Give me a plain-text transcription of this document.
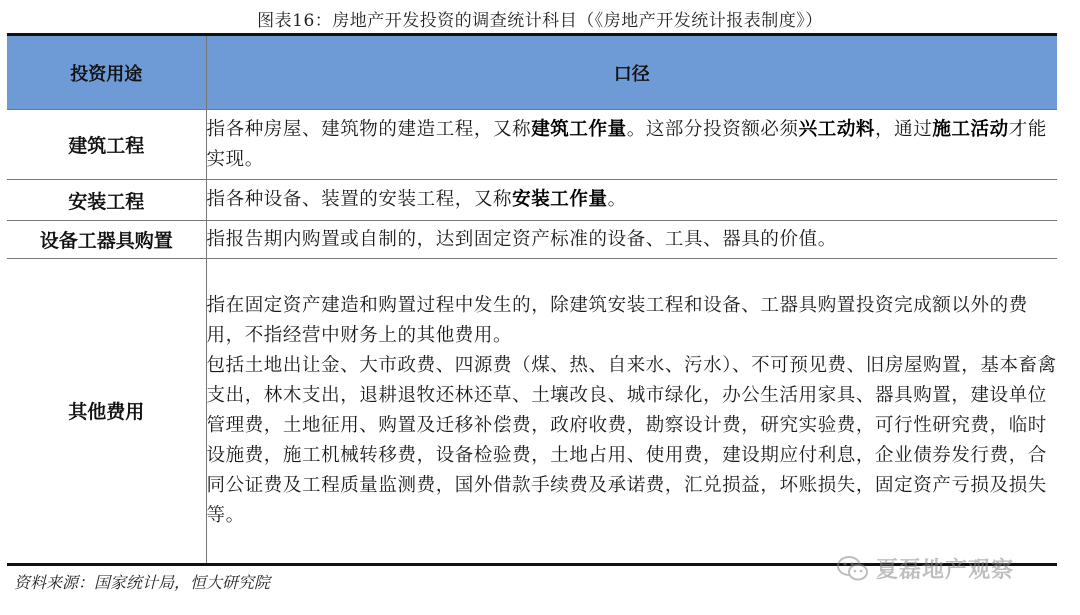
图表16：房地产开发投资的调查统计科目（《房地产开发统计报表制度》）
投资用途	口径
建筑工程	指各种房屋、建筑物的建造工程，又称建筑工作量。这部分投资额必须兴工动料，通过施工活动才能实现。
安装工程	指各种设备、装置的安装工程，又称安装工作量。
设备工器具购置	指报告期内购置或自制的，达到固定资产标准的设备、工具、器具的价值。
其他费用	指在固定资产建造和购置过程中发生的，除建筑安装工程和设备、工器具购置投资完成额以外的费用，不指经营中财务上的其他费用。
包括土地出让金、大市政费、四源费（煤、热、自来水、污水）、不可预见费、旧房屋购置，基本畜禽支出，林木支出，退耕退牧还林还草、土壤改良、城市绿化，办公生活用家具、器具购置，建设单位管理费，土地征用、购置及迁移补偿费，政府收费，勘察设计费，研究实验费，可行性研究费，临时设施费，施工机械转移费，设备检验费，土地占用、使用费，建设期应付利息，企业债券发行费，合同公证费及工程质量监测费，国外借款手续费及承诺费，汇兑损益，坏账损失，固定资产亏损及损失等。
资料来源：国家统计局，恒大研究院	夏磊地产观察
